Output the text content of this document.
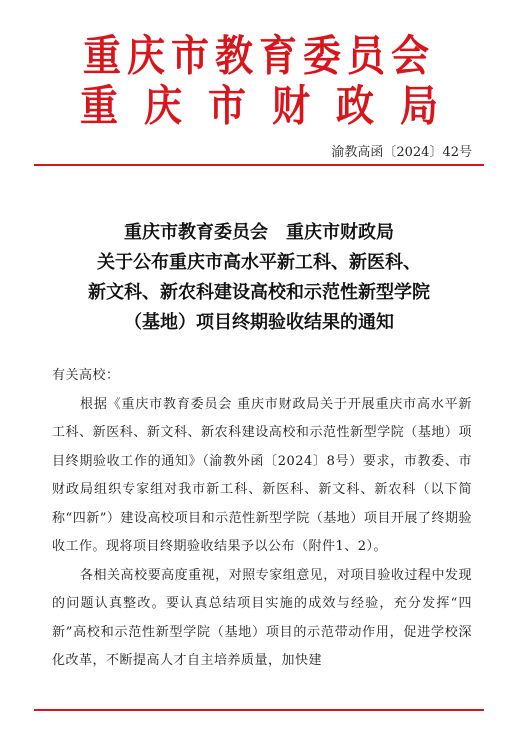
重庆市教育委员会
重庆市财政局
渝教高函〔2024〕42号
重庆市教育委员会 重庆市财政局
关于公布重庆市高水平新工科、新医科、
新文科、新农科建设高校和示范性新型学院
（基地）项目终期验收结果的通知

有关高校：

根据《重庆市教育委员会 重庆市财政局关于开展重庆市高水平新工科、新医科、新文科、新农科建设高校和示范性新型学院（基地）项目终期验收工作的通知》（渝教外函〔2024〕8号）要求，市教委、市财政局组织专家组对我市新工科、新医科、新文科、新农科（以下简称“四新”）建设高校项目和示范性新型学院（基地）项目开展了终期验收工作。现将项目终期验收结果予以公布（附件1、2）。

各相关高校要高度重视，对照专家组意见，对项目验收过程中发现的问题认真整改。要认真总结项目实施的成效与经验，充分发挥“四新”高校和示范性新型学院（基地）项目的示范带动作用，促进学校深化改革，不断提高人才自主培养质量，加快建
